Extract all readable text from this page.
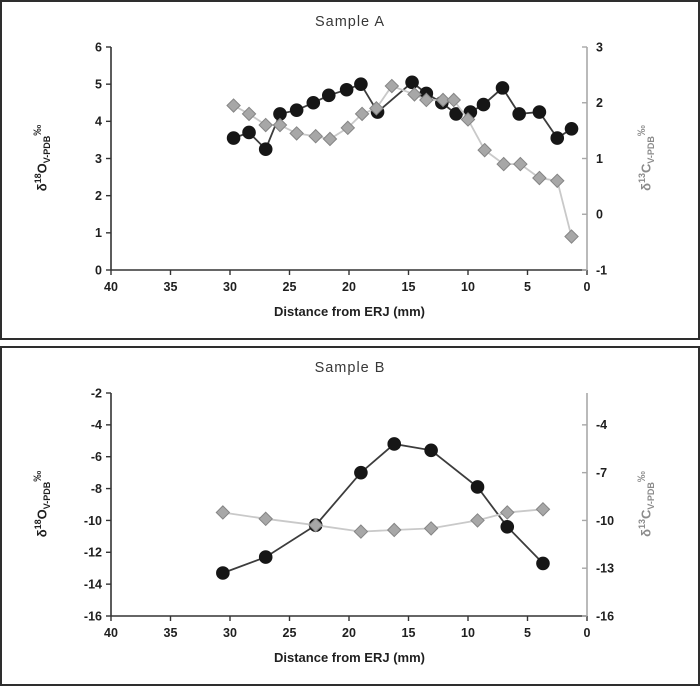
40	35	30	25	20	15	10	5	0
0
1
2
3
4
5
6
-1
0
1
2
3
Sample A
$\delta^{18}O_{V-PDB}^‰$
$\delta^{13}C_{V-PDB}^‰$
Distance from ERJ (mm)
40	35	30	25	20	15	10	5	0
-16
-14
-12
-10
-8
-6
-4
-2
-16
-13
-10
-7
-4
Sample B
$\delta^{18}O_{V-PDB}^‰$
$\delta^{13}C_{V-PDB}^‰$
Distance from ERJ (mm)
